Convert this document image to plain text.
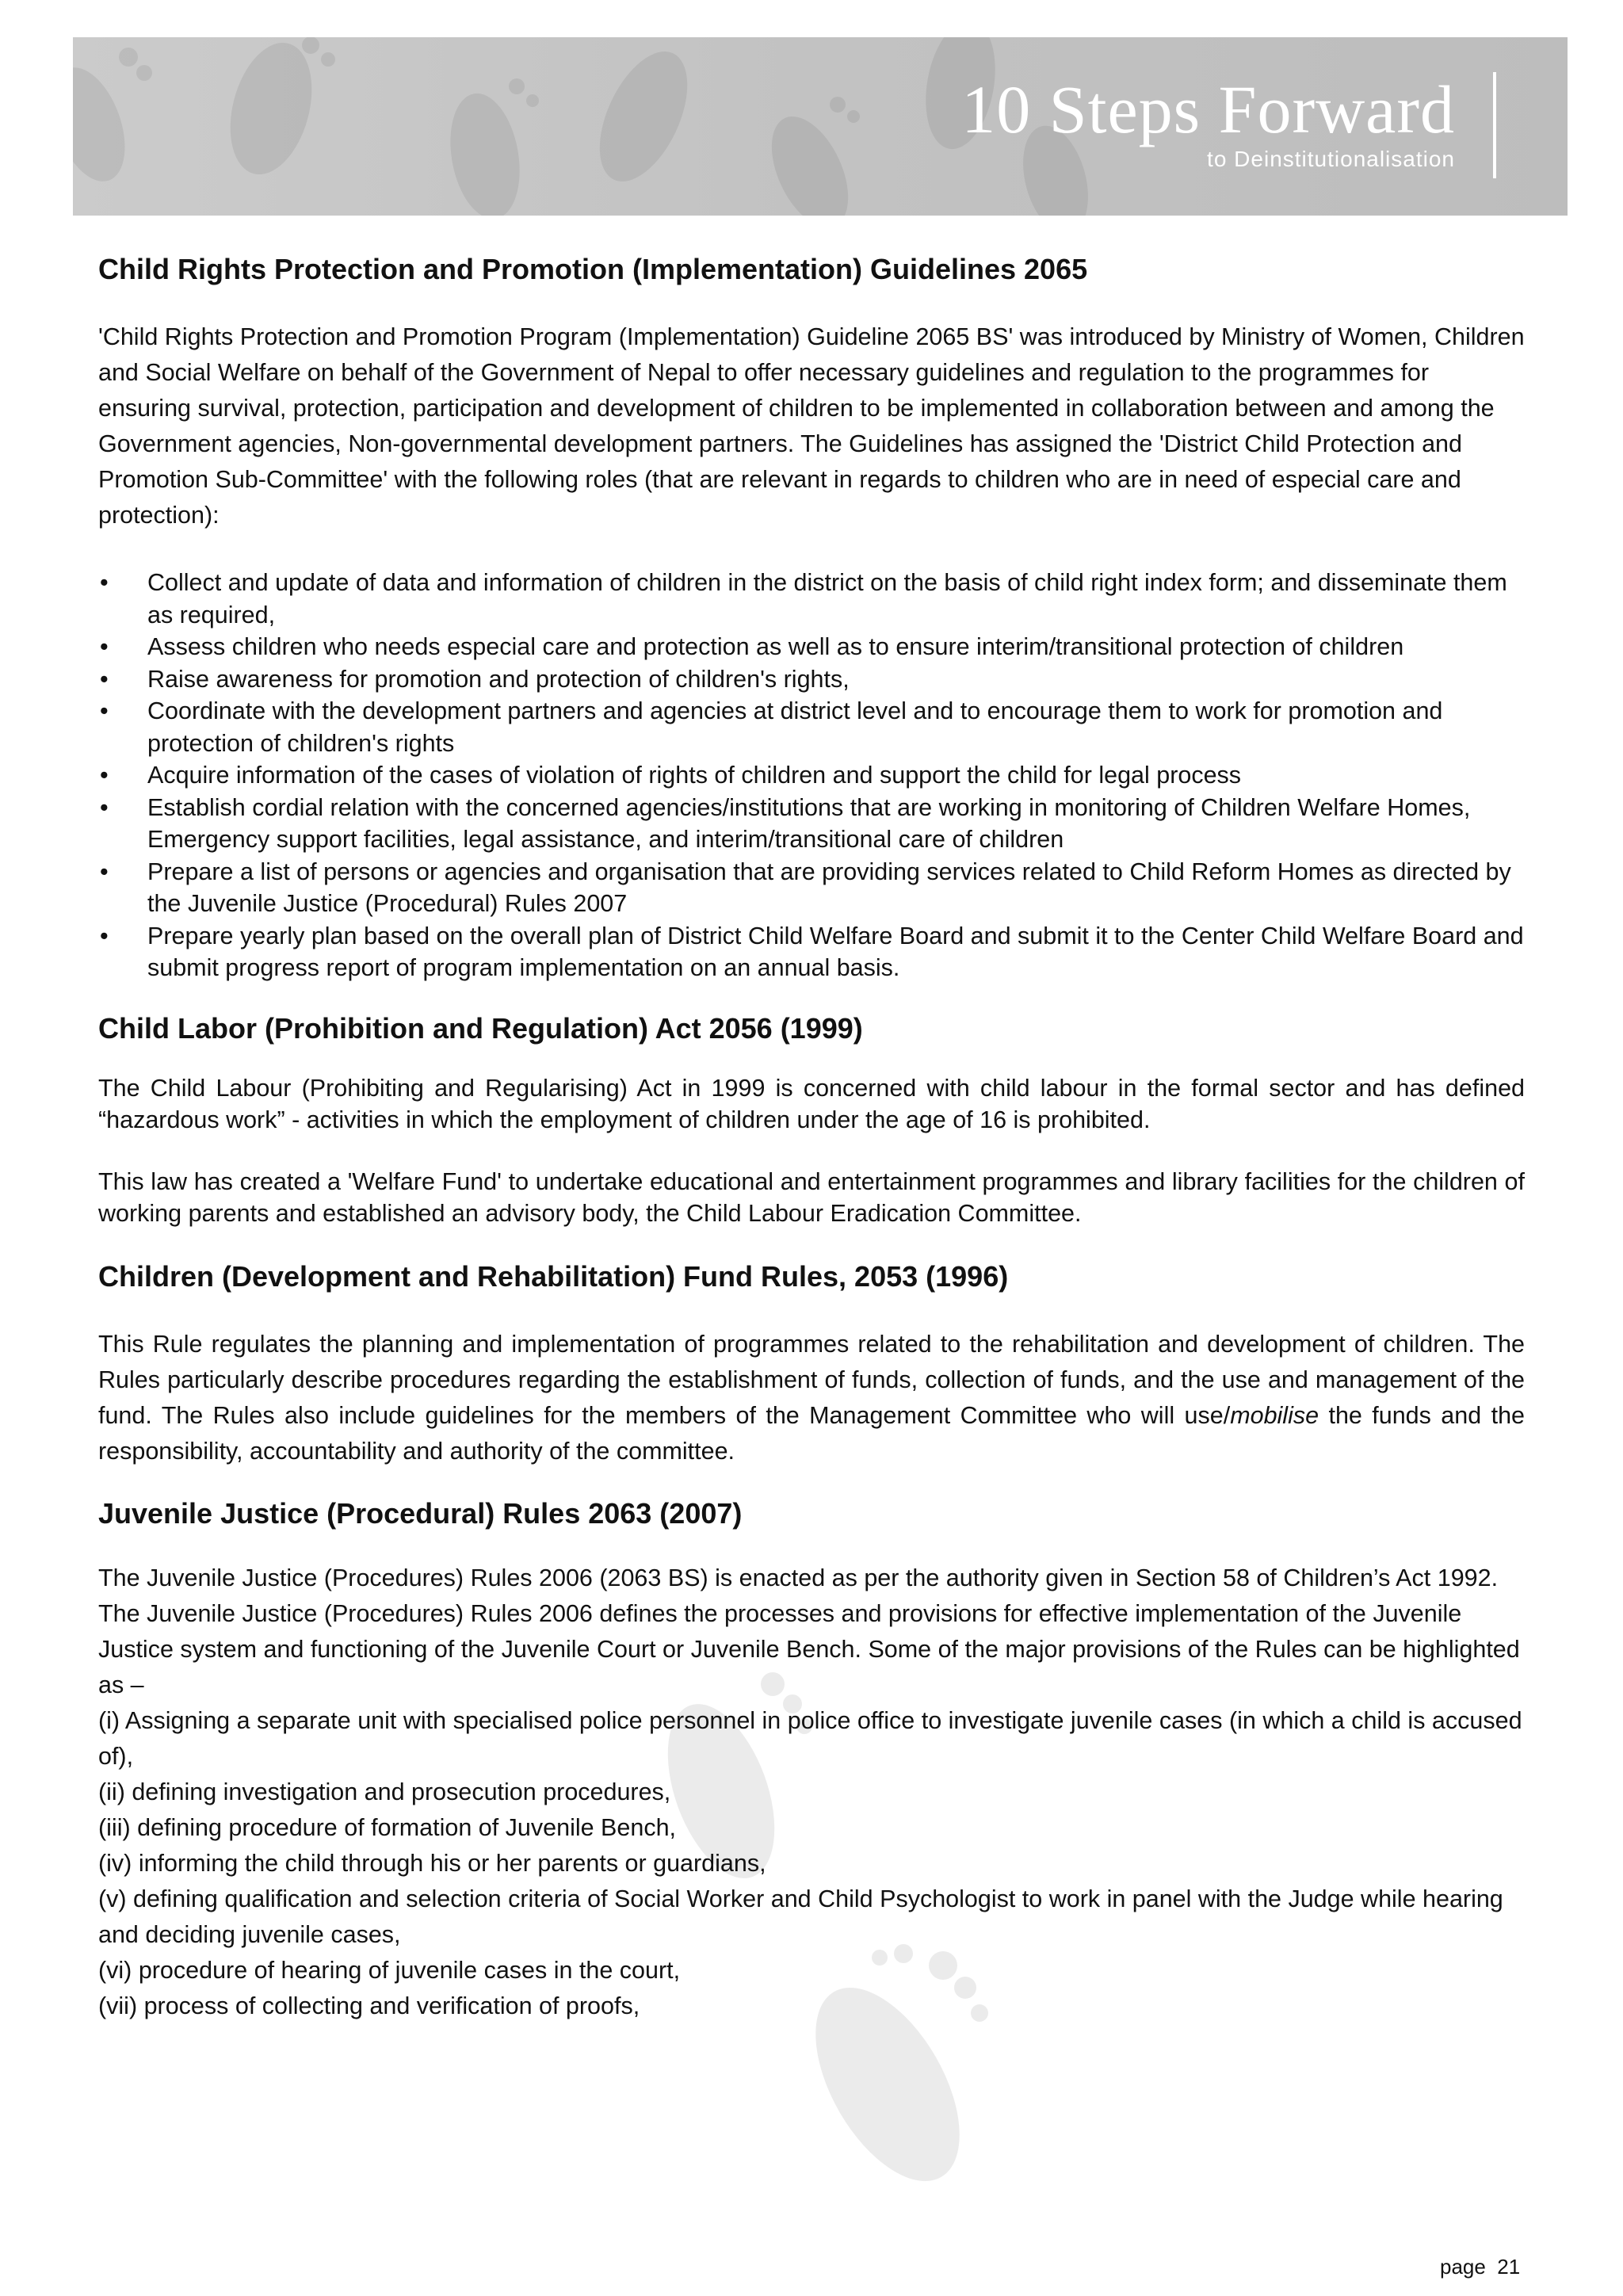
10 Steps Forward
to Deinstitutionalisation
Child Rights Protection and Promotion (Implementation) Guidelines 2065

'Child Rights Protection and Promotion Program (Implementation) Guideline 2065 BS' was introduced by Ministry of Women, Children and Social Welfare on behalf of the Government of Nepal to offer necessary guidelines and regulation to the programmes for ensuring survival, protection, participation and development of children to be implemented in collaboration between and among the Government agencies, Non-governmental development partners. The Guidelines has assigned the 'District Child Protection and Promotion Sub-Committee' with the following roles (that are relevant in regards to children who are in need of especial care and protection):

• Collect and update of data and information of children in the district on the basis of child right index form; and disseminate them as required,
• Assess children who needs especial care and protection as well as to ensure interim/transitional protection of children
• Raise awareness for promotion and protection of children's rights,
• Coordinate with the development partners and agencies at district level and to encourage them to work for promotion and protection of children's rights
• Acquire information of the cases of violation of rights of children and support the child for legal process
• Establish cordial relation with the concerned agencies/institutions that are working in monitoring of Children Welfare Homes, Emergency support facilities, legal assistance, and interim/transitional care of children
• Prepare a list of persons or agencies and organisation that are providing services related to Child Reform Homes as directed by the Juvenile Justice (Procedural) Rules 2007
• Prepare yearly plan based on the overall plan of District Child Welfare Board and submit it to the Center Child Welfare Board and submit progress report of program implementation on an annual basis.
Child Labor (Prohibition and Regulation) Act 2056 (1999)

The Child Labour (Prohibiting and Regularising) Act in 1999 is concerned with child labour in the formal sector and has defined “hazardous work” - activities in which the employment of children under the age of 16 is prohibited.

This law has created a 'Welfare Fund' to undertake educational and entertainment programmes and library facilities for the children of working parents and established an advisory body, the Child Labour Eradication Committee.

Children (Development and Rehabilitation) Fund Rules, 2053 (1996)

This Rule regulates the planning and implementation of programmes related to the rehabilitation and development of children. The Rules particularly describe procedures regarding the establishment of funds, collection of funds, and the use and management of the fund. The Rules also include guidelines for the members of the Management Committee who will use/mobilise the funds and the responsibility, accountability and authority of the committee.

Juvenile Justice (Procedural) Rules 2063 (2007)

The Juvenile Justice (Procedures) Rules 2006 (2063 BS) is enacted as per the authority given in Section 58 of Children’s Act 1992. The Juvenile Justice (Procedures) Rules 2006 defines the processes and provisions for effective implementation of the Juvenile Justice system and functioning of the Juvenile Court or Juvenile Bench. Some of the major provisions of the Rules can be highlighted as –

(i) Assigning a separate unit with specialised police personnel in police office to investigate juvenile cases (in which a child is accused of),
(ii) defining investigation and prosecution procedures,
(iii) defining procedure of formation of Juvenile Bench,
(iv) informing the child through his or her parents or guardians,
(v) defining qualification and selection criteria of Social Worker and Child Psychologist to work in panel with the Judge while hearing and deciding juvenile cases,
(vi) procedure of hearing of juvenile cases in the court,
(vii) process of collecting and verification of proofs,
page 21
